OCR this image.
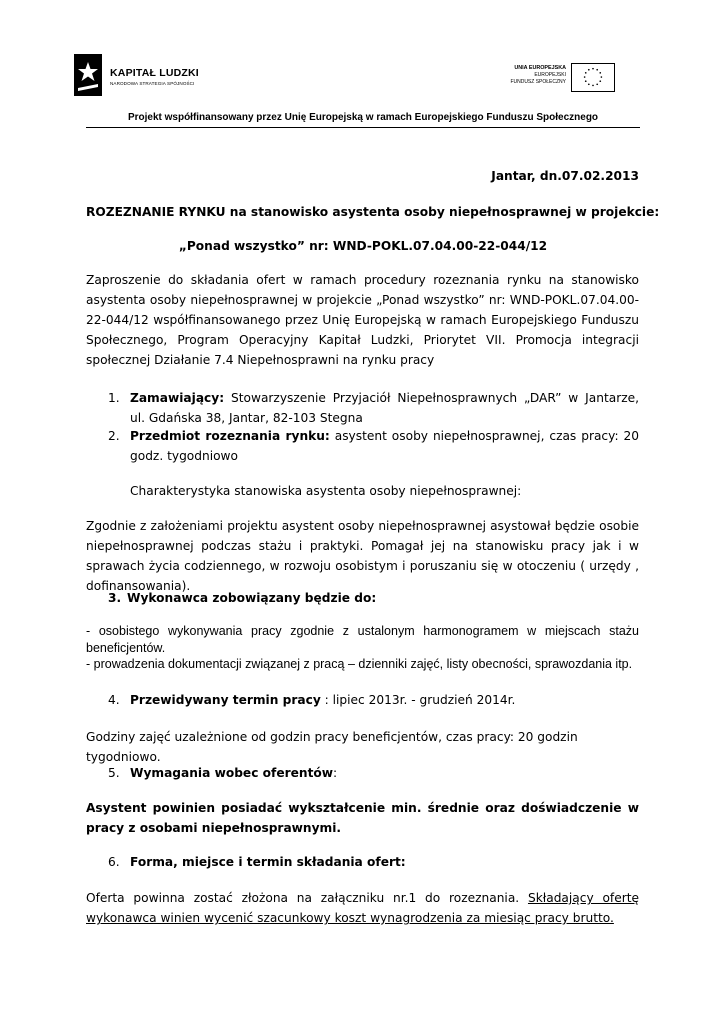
KAPITAŁ LUDZKI
NARODOWA STRATEGIA SPÓJNOŚCI
UNIA EUROPEJSKA
EUROPEJSKI
FUNDUSZ SPOŁECZNY
Projekt współfinansowany przez Unię Europejską w ramach Europejskiego Funduszu Społecznego
Jantar, dn.07.02.2013
ROZEZNANIE RYNKU na stanowisko asystenta osoby niepełnosprawnej w projekcie:
„Ponad wszystko” nr: WND-POKL.07.04.00-22-044/12

Zaproszenie do składania ofert w ramach procedury rozeznania rynku na stanowisko asystenta osoby niepełnosprawnej w projekcie „Ponad wszystko” nr: WND-POKL.07.04.00-22-044/12 współfinansowanego przez Unię Europejską w ramach Europejskiego Funduszu Społecznego, Program Operacyjny Kapitał Ludzki, Priorytet VII. Promocja integracji społecznej Działanie 7.4 Niepełnosprawni na rynku pracy

1. Zamawiający: Stowarzyszenie Przyjaciół Niepełnosprawnych „DAR” w Jantarze, ul. Gdańska 38, Jantar, 82-103 Stegna

2. Przedmiot rozeznania rynku: asystent osoby niepełnosprawnej, czas pracy: 20 godz. tygodniowo

Charakterystyka stanowiska asystenta osoby niepełnosprawnej:

Zgodnie z założeniami projektu asystent osoby niepełnosprawnej asystował będzie osobie niepełnosprawnej podczas stażu i praktyki. Pomagał jej na stanowisku pracy jak i w sprawach życia codziennego, w rozwoju osobistym i poruszaniu się w otoczeniu ( urzędy , dofinansowania).

3. Wykonawca zobowiązany będzie do:

- osobistego wykonywania pracy zgodnie z ustalonym harmonogramem w miejscach stażu beneficjentów.

- prowadzenia dokumentacji związanej z pracą – dzienniki zajęć, listy obecności, sprawozdania itp.

4. Przewidywany termin pracy : lipiec 2013r. - grudzień 2014r.
Godziny zajęć uzależnione od godzin pracy beneficjentów, czas pracy: 20 godzin tygodniowo.
5. Wymagania wobec oferentów:

Asystent powinien posiadać wykształcenie min. średnie oraz doświadczenie w pracy z osobami niepełnosprawnymi.

6. Forma, miejsce i termin składania ofert:

Oferta powinna zostać złożona na załączniku nr.1 do rozeznania. Składający ofertę wykonawca winien wycenić szacunkowy koszt wynagrodzenia za miesiąc pracy brutto.
